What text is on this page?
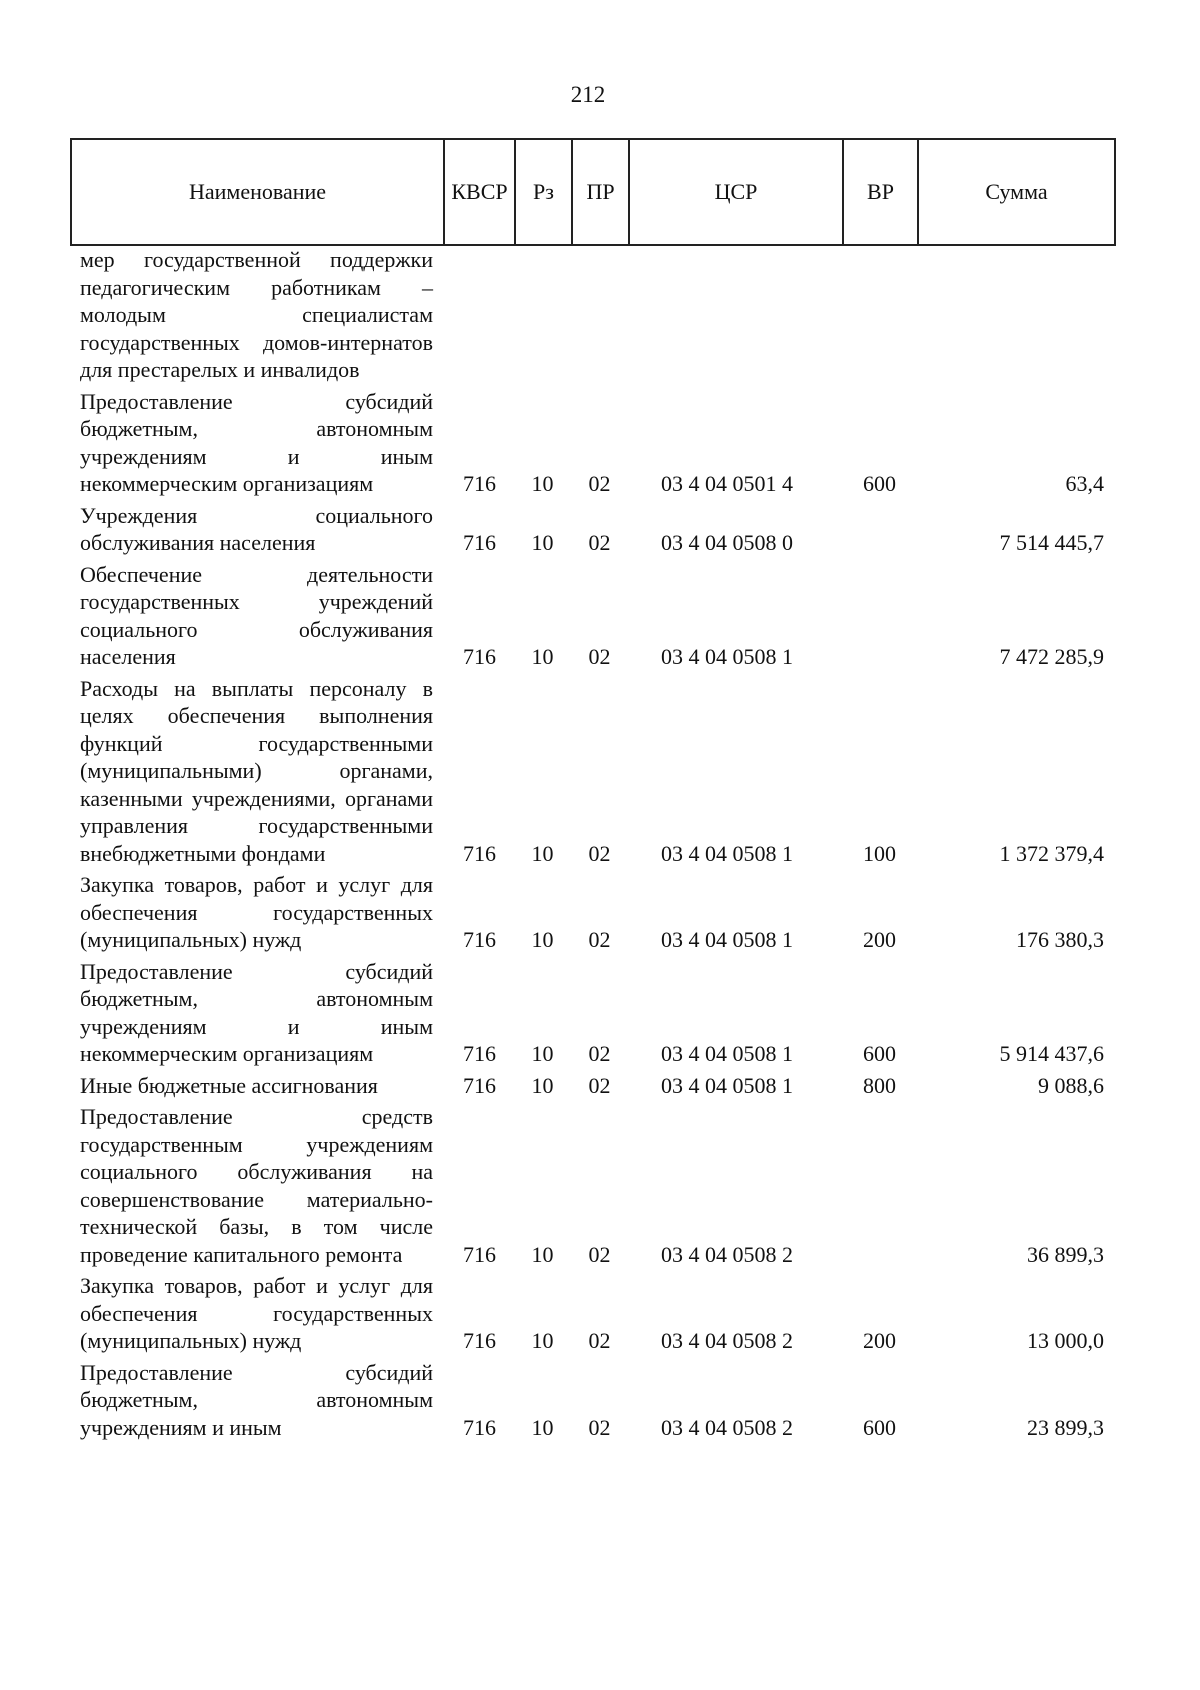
212
Наименование	КВСР	Рз	ПР	ЦСР	ВР	Сумма
мер государственной поддержки педагогическим работникам – молодым специалистам государственных домов-интернатов для престарелых и инвалидов						
Предоставление субсидий бюджетным, автономным учреждениям и иным некоммерческим организациям	716	10	02	03 4 04 0501 4	600	63,4
Учреждения социального обслуживания населения	716	10	02	03 4 04 0508 0		7 514 445,7
Обеспечение деятельности государственных учреждений социального обслуживания населения	716	10	02	03 4 04 0508 1		7 472 285,9
Расходы на выплаты персоналу в целях обеспечения выполнения функций государственными (муниципальными) органами, казенными учреждениями, органами управления государственными внебюджетными фондами	716	10	02	03 4 04 0508 1	100	1 372 379,4
Закупка товаров, работ и услуг для обеспечения государственных (муниципальных) нужд	716	10	02	03 4 04 0508 1	200	176 380,3
Предоставление субсидий бюджетным, автономным учреждениям и иным некоммерческим организациям	716	10	02	03 4 04 0508 1	600	5 914 437,6
Иные бюджетные ассигнования	716	10	02	03 4 04 0508 1	800	9 088,6
Предоставление средств государственным учреждениям социального обслуживания на совершенствование материально-технической базы, в том числе проведение капитального ремонта	716	10	02	03 4 04 0508 2		36 899,3
Закупка товаров, работ и услуг для обеспечения государственных (муниципальных) нужд	716	10	02	03 4 04 0508 2	200	13 000,0
Предоставление субсидий бюджетным, автономным учреждениям и иным	716	10	02	03 4 04 0508 2	600	23 899,3
